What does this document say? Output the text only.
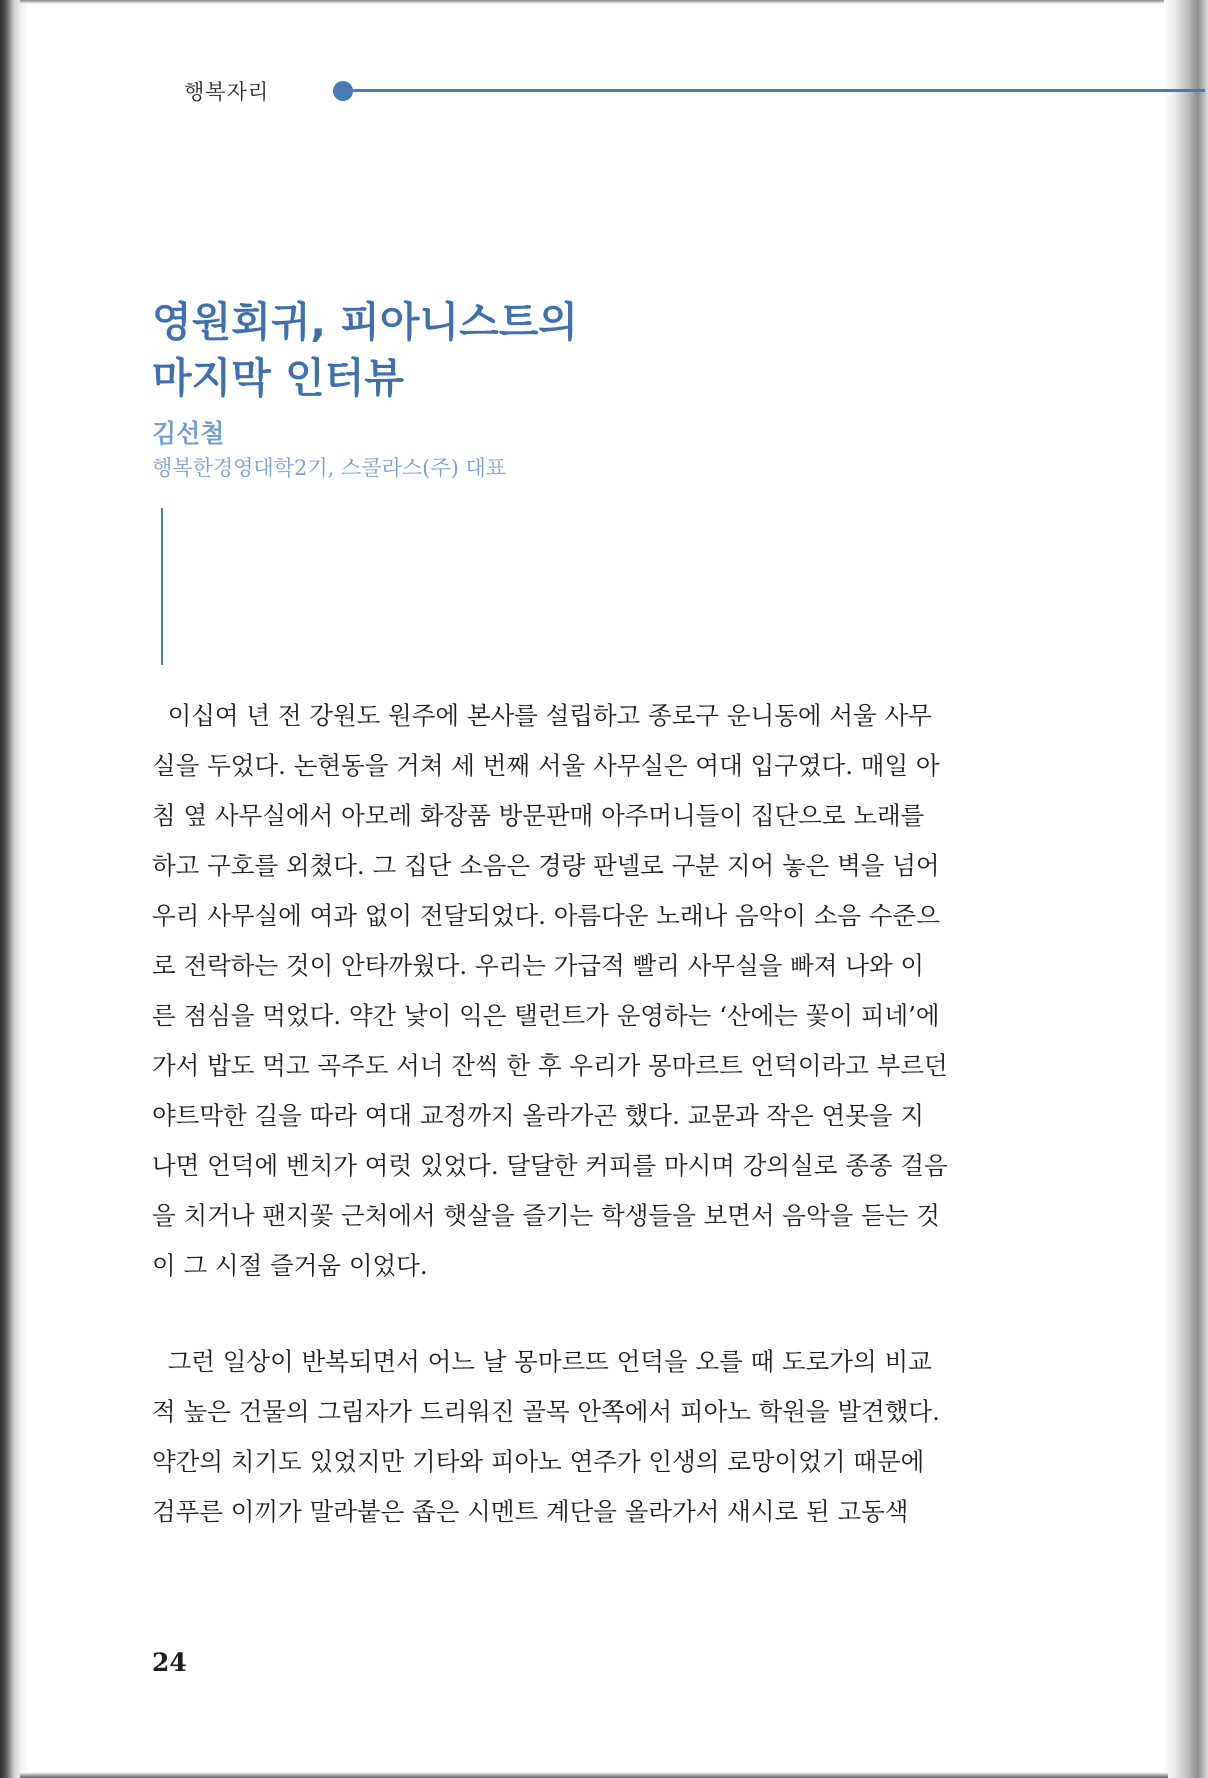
행복자리
영원회귀, 피아니스트의
마지막 인터뷰
김선철
행복한경영대학2기, 스콜라스(주) 대표
이십여 년 전 강원도 원주에 본사를 설립하고 종로구 운니동에 서울 사무
실을 두었다. 논현동을 거쳐 세 번째 서울 사무실은 여대 입구였다. 매일 아
침 옆 사무실에서 아모레 화장품 방문판매 아주머니들이 집단으로 노래를
하고 구호를 외쳤다. 그 집단 소음은 경량 판넬로 구분 지어 놓은 벽을 넘어
우리 사무실에 여과 없이 전달되었다. 아름다운 노래나 음악이 소음 수준으
로 전락하는 것이 안타까웠다. 우리는 가급적 빨리 사무실을 빠져 나와 이
른 점심을 먹었다. 약간 낯이 익은 탤런트가 운영하는 ‘산에는 꽃이 피네’에
가서 밥도 먹고 곡주도 서너 잔씩 한 후 우리가 몽마르트 언덕이라고 부르던
야트막한 길을 따라 여대 교정까지 올라가곤 했다. 교문과 작은 연못을 지
나면 언덕에 벤치가 여럿 있었다. 달달한 커피를 마시며 강의실로 종종 걸음
을 치거나 팬지꽃 근처에서 햇살을 즐기는 학생들을 보면서 음악을 듣는 것
이 그 시절 즐거움 이었다.
그런 일상이 반복되면서 어느 날 몽마르뜨 언덕을 오를 때 도로가의 비교
적 높은 건물의 그림자가 드리워진 골목 안쪽에서 피아노 학원을 발견했다.
약간의 치기도 있었지만 기타와 피아노 연주가 인생의 로망이었기 때문에
검푸른 이끼가 말라붙은 좁은 시멘트 계단을 올라가서 새시로 된 고동색
24
